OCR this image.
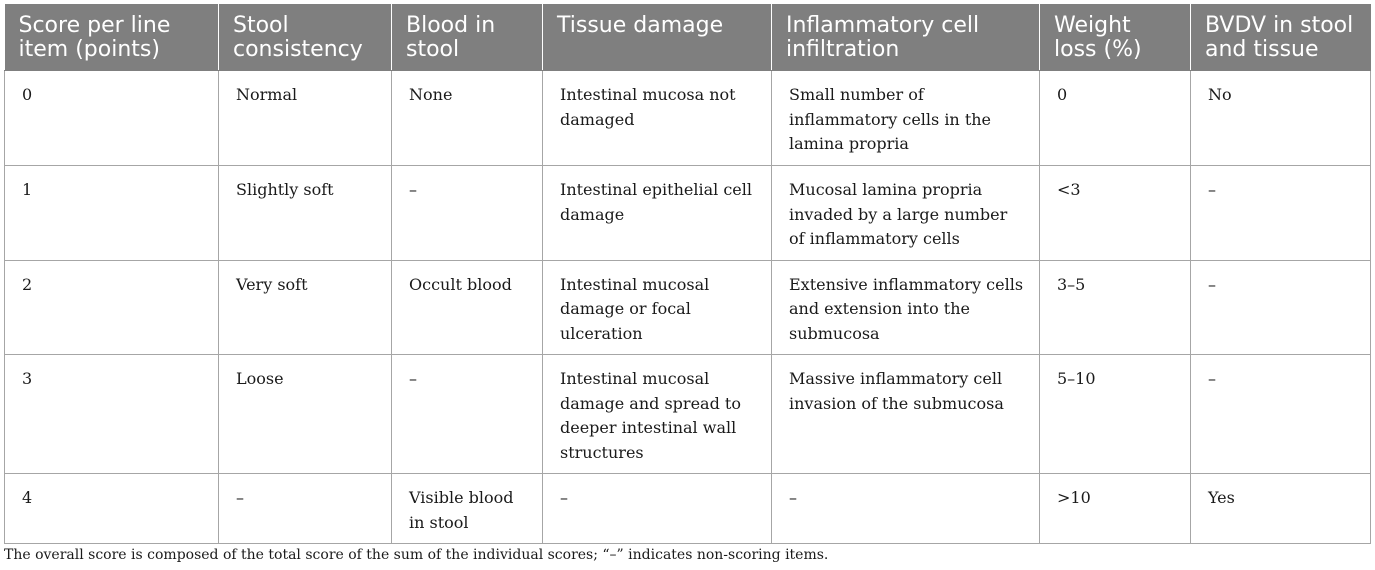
Score per line item (points)	Stool consistency	Blood in stool	Tissue damage	Inflammatory cell infiltration	Weight loss (%)	BVDV in stool and tissue
0	Normal	None	Intestinal mucosa not damaged	Small number of inflammatory cells in the lamina propria	0	No
1	Slightly soft	–	Intestinal epithelial cell damage	Mucosal lamina propria invaded by a large number of inflammatory cells	<3	–
2	Very soft	Occult blood	Intestinal mucosal damage or focal ulceration	Extensive inflammatory cells and extension into the submucosa	3–5	–
3	Loose	–	Intestinal mucosal damage and spread to deeper intestinal wall structures	Massive inflammatory cell invasion of the submucosa	5–10	–
4	–	Visible blood in stool	–	–	>10	Yes
The overall score is composed of the total score of the sum of the individual scores; “–” indicates non-scoring items.
